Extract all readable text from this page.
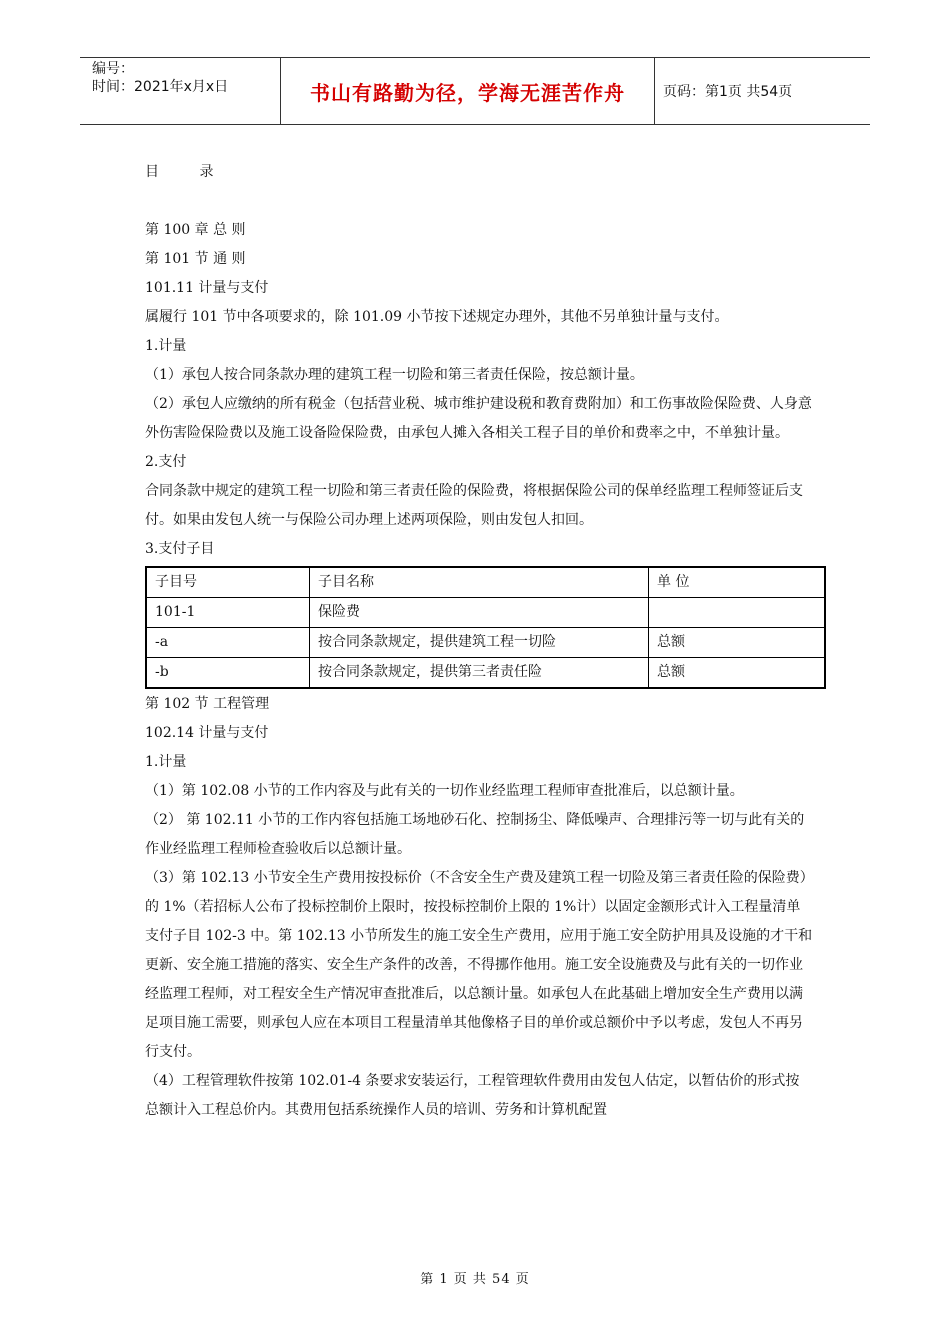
编号：
时间：2021年x月x日	书山有路勤为径，学海无涯苦作舟	页码：第1页 共54页

目 录

第 100 章 总 则

第 101 节 通 则

101.11 计量与支付

属履行 101 节中各项要求的，除 101.09 小节按下述规定办理外，其他不另单独计量与支付。

1.计量

（1）承包人按合同条款办理的建筑工程一切险和第三者责任保险，按总额计量。

（2）承包人应缴纳的所有税金（包括营业税、城市维护建设税和教育费附加）和工伤事故险保险费、人身意外伤害险保险费以及施工设备险保险费，由承包人摊入各相关工程子目的单价和费率之中，不单独计量。

2.支付

合同条款中规定的建筑工程一切险和第三者责任险的保险费，将根据保险公司的保单经监理工程师签证后支付。如果由发包人统一与保险公司办理上述两项保险，则由发包人扣回。

3.支付子目

子目号	子目名称	单 位
101-1	保险费	
-a	按合同条款规定，提供建筑工程一切险	总额
-b	按合同条款规定，提供第三者责任险	总额

第 102 节 工程管理

102.14 计量与支付

1.计量

（1）第 102.08 小节的工作内容及与此有关的一切作业经监理工程师审查批准后，以总额计量。

（2） 第 102.11 小节的工作内容包括施工场地砂石化、控制扬尘、降低噪声、合理排污等一切与此有关的作业经监理工程师检查验收后以总额计量。

（3）第 102.13 小节安全生产费用按投标价（不含安全生产费及建筑工程一切险及第三者责任险的保险费）的 1%（若招标人公布了投标控制价上限时，按投标控制价上限的 1%计）以固定金额形式计入工程量清单支付子目 102-3 中。第 102.13 小节所发生的施工安全生产费用，应用于施工安全防护用具及设施的才干和更新、安全施工措施的落实、安全生产条件的改善，不得挪作他用。施工安全设施费及与此有关的一切作业经监理工程师，对工程安全生产情况审查批准后，以总额计量。如承包人在此基础上增加安全生产费用以满足项目施工需要，则承包人应在本项目工程量清单其他像格子目的单价或总额价中予以考虑，发包人不再另行支付。

（4）工程管理软件按第 102.01-4 条要求安装运行，工程管理软件费用由发包人估定，以暂估价的形式按总额计入工程总价内。其费用包括系统操作人员的培训、劳务和计算机配置

第 1 页 共 54 页
